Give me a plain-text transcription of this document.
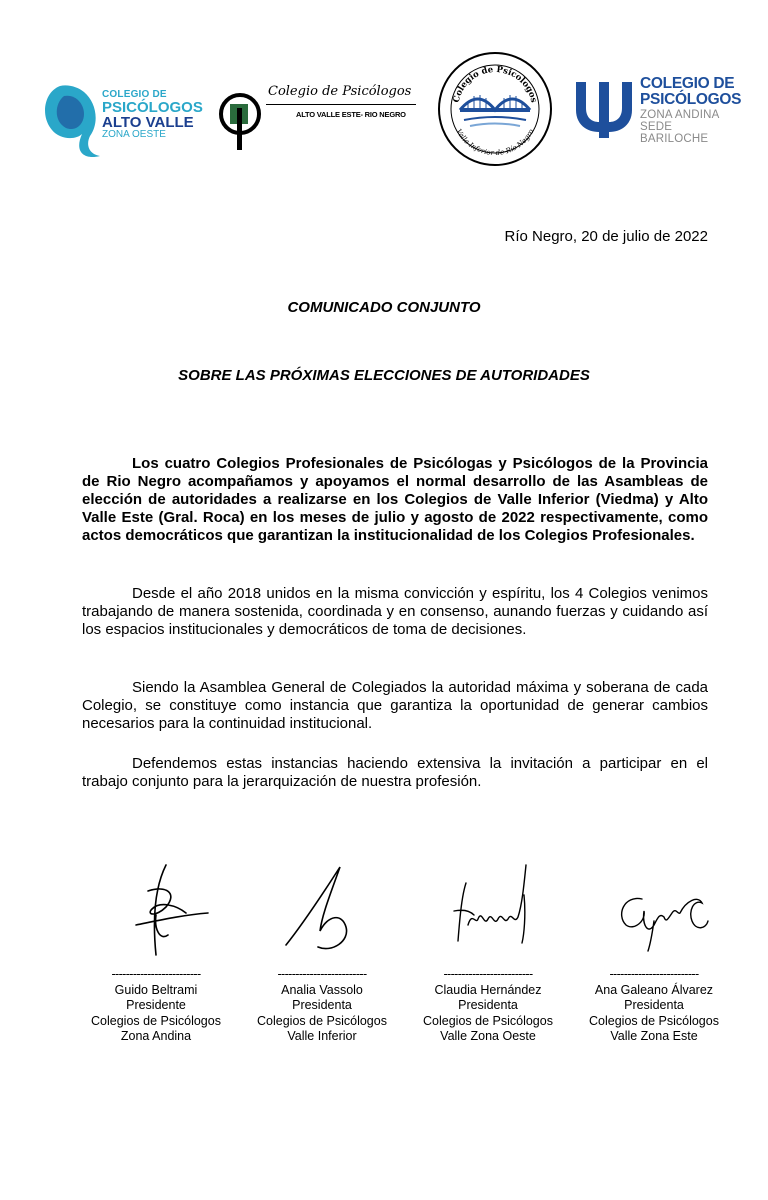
COLEGIO DE
PSICÓLOGOS
ALTO VALLE
ZONA OESTE
Colegio de Psicólogos
ALTO VALLE ESTE- RIO NEGRO
Colegio de Psicologos
Valle Inferior de Río Negro
COLEGIO DE
PSICÓLOGOS
ZONA ANDINA
SEDE BARILOCHE
Río Negro, 20 de julio de 2022
COMUNICADO CONJUNTO
SOBRE LAS PRÓXIMAS ELECCIONES DE AUTORIDADES
Los cuatro Colegios Profesionales de Psicólogas y Psicólogos de la Provincia de Rio Negro acompañamos y apoyamos el normal desarrollo de las Asambleas de elección de autoridades a realizarse en los Colegios de Valle Inferior (Viedma) y Alto Valle Este (Gral. Roca) en los meses de julio y agosto de 2022 respectivamente, como actos democráticos que garantizan la institucionalidad de los Colegios Profesionales.
Desde el año 2018 unidos en la misma convicción y espíritu, los 4 Colegios venimos trabajando de manera sostenida, coordinada y en consenso, aunando fuerzas y cuidando así los espacios institucionales y democráticos de toma de decisiones.
Siendo la Asamblea General de Colegiados la autoridad máxima y soberana de cada Colegio, se constituye como instancia que garantiza la oportunidad de generar cambios necesarios para la continuidad institucional.
Defendemos estas instancias haciendo extensiva la invitación a participar en el trabajo conjunto para la jerarquización de nuestra profesión.
-------------------------
Guido Beltrami
Presidente
Colegios de Psicólogos
Zona Andina
-------------------------
Analia Vassolo
Presidenta
Colegios de Psicólogos
Valle Inferior
-------------------------
Claudia Hernández
Presidenta
Colegios de Psicólogos
Valle Zona Oeste
-------------------------
Ana Galeano Álvarez
Presidenta
Colegios de Psicólogos
Valle Zona Este
